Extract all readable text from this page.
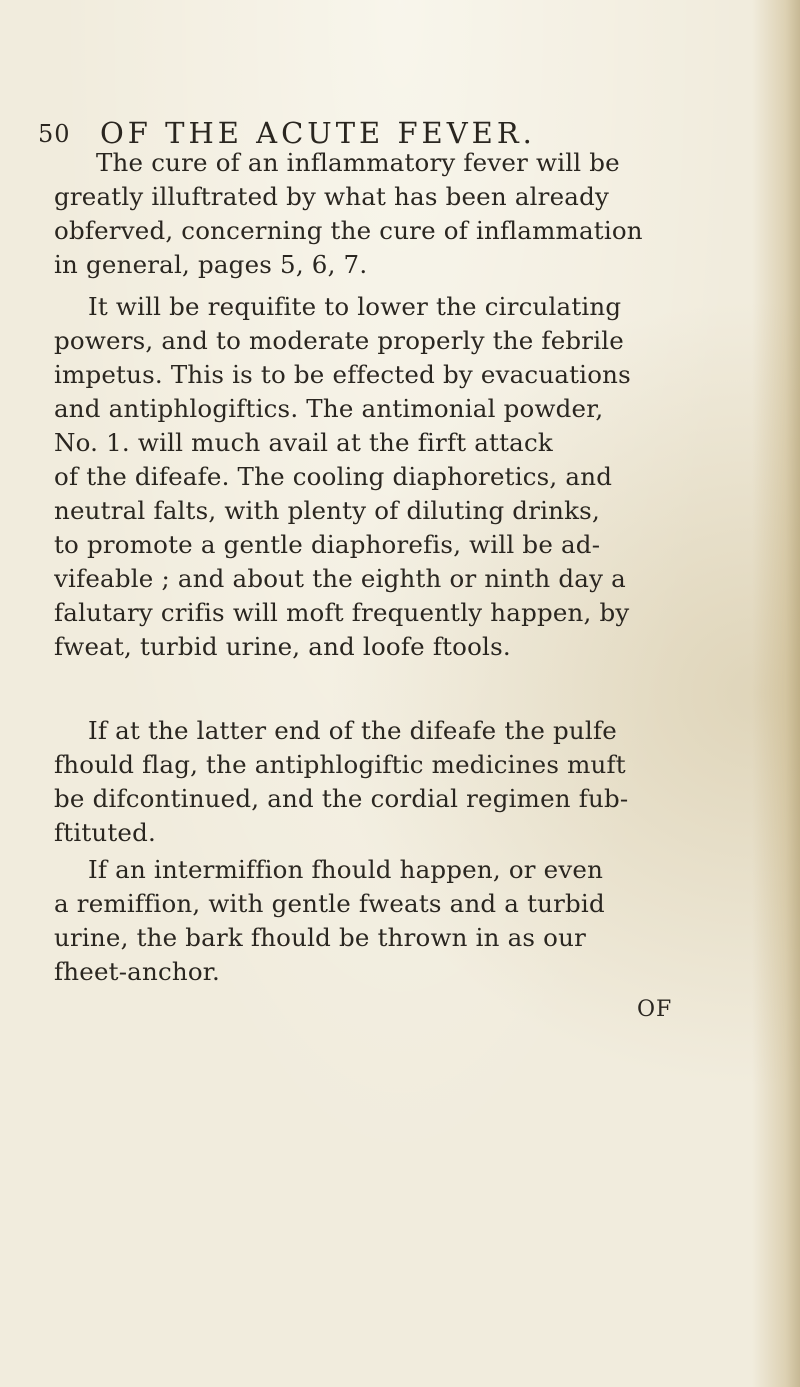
50 OF THE ACUTE FEVER.
The cure of an inflammatory fever will be
greatly illuftrated by what has been already
obferved, concerning the cure of inflammation
in general, pages 5, 6, 7.
It will be requifite to lower the circulating
powers, and to moderate properly the febrile
impetus. This is to be effected by evacuations
and antiphlogiftics. The antimonial powder,
No. 1. will much avail at the firft attack
of the difeafe. The cooling diaphoretics, and
neutral falts, with plenty of diluting drinks,
to promote a gentle diaphorefis, will be ad-
vifeable ; and about the eighth or ninth day a
falutary crifis will moft frequently happen, by
fweat, turbid urine, and loofe ftools.
If at the latter end of the difeafe the pulfe
fhould flag, the antiphlogiftic medicines muft
be difcontinued, and the cordial regimen fub-
ftituted.
If an intermiffion fhould happen, or even
a remiffion, with gentle fweats and a turbid
urine, the bark fhould be thrown in as our
fheet-anchor.
OF
